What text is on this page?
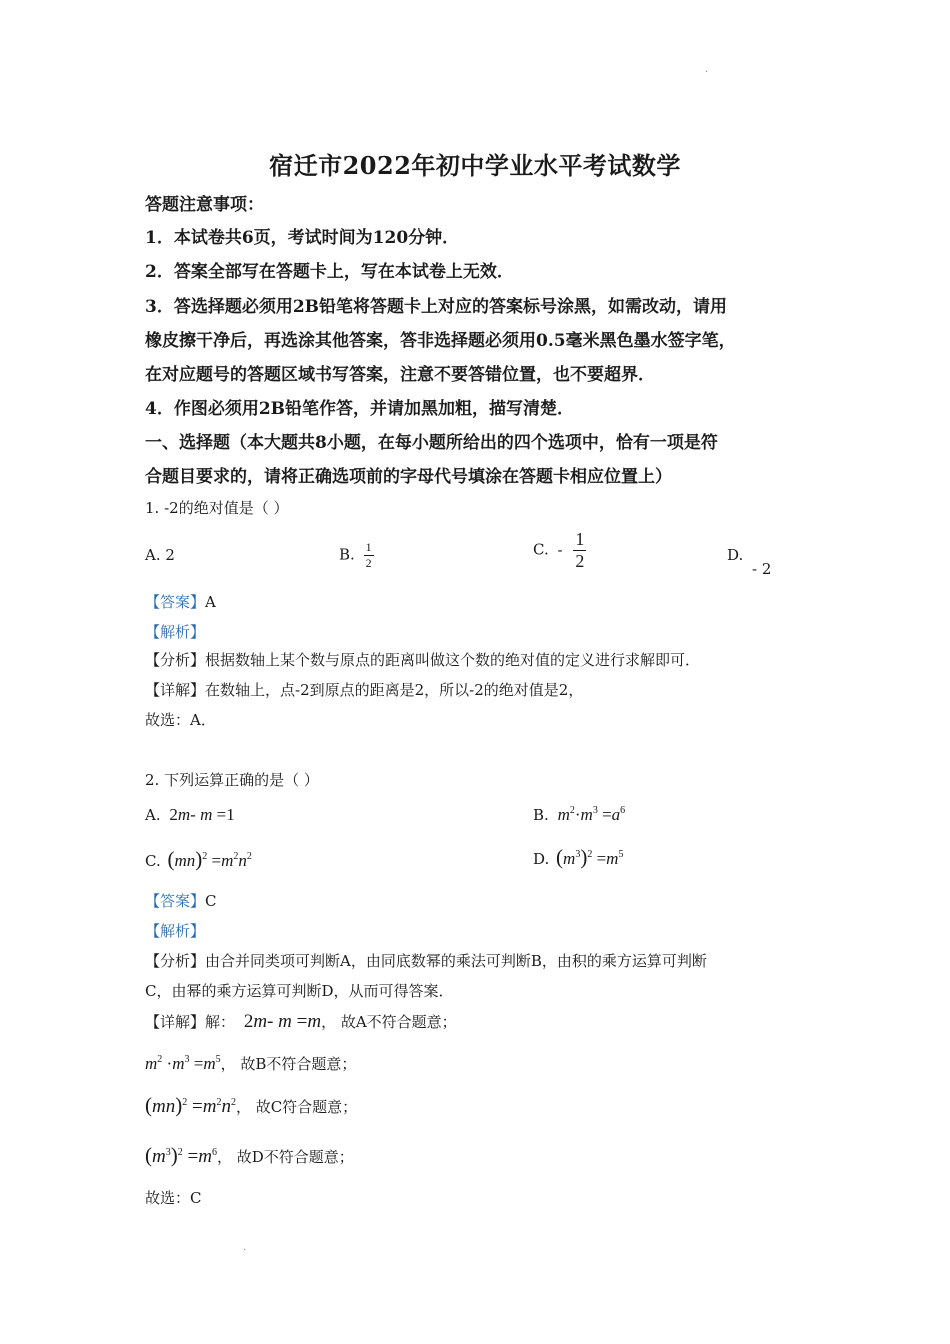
.
宿迁市2022年初中学业水平考试数学
答题注意事项：
1．本试卷共6页，考试时间为120分钟．
2．答案全部写在答题卡上，写在本试卷上无效．
3．答选择题必须用2B铅笔将答题卡上对应的答案标号涂黑，如需改动，请用
橡皮擦干净后，再选涂其他答案，答非选择题必须用0.5毫米黑色墨水签字笔，
在对应题号的答题区域书写答案，注意不要答错位置，也不要超界．
4．作图必须用2B铅笔作答，并请加黑加粗，描写清楚．
一、选择题（本大题共8小题，在每小题所给出的四个选项中，恰有一项是符
合题目要求的，请将正确选项前的字母代号填涂在答题卡相应位置上）
1. -2的绝对值是（ ）
A. 2	B. $\frac{1}{2}$	C. - $\frac{1}{2}$	D. - 2
【答案】A
【解析】
【分析】根据数轴上某个数与原点的距离叫做这个数的绝对值的定义进行求解即可．
【详解】在数轴上，点-2到原点的距离是2，所以-2的绝对值是2，
故选：A．
2. 下列运算正确的是（ ）
A. 2m- m =1	B. $m^2\cdot m^3 =a^6$
C. $(mn)^2 =m^2n^2$	D. $(m^3)^2 =m^5$
【答案】C
【解析】
【分析】由合并同类项可判断A，由同底数幂的乘法可判断B，由积的乘方运算可判断
C，由幂的乘方运算可判断D，从而可得答案．
【详解】解： 2m- m =m， 故A不符合题意；
$m^2 \cdot m^3 =m^5$， 故B不符合题意；
$(mn)^2 =m^2n^2$， 故C符合题意；
$(m^3)^2 =m^6$， 故D不符合题意；
故选：C
.
